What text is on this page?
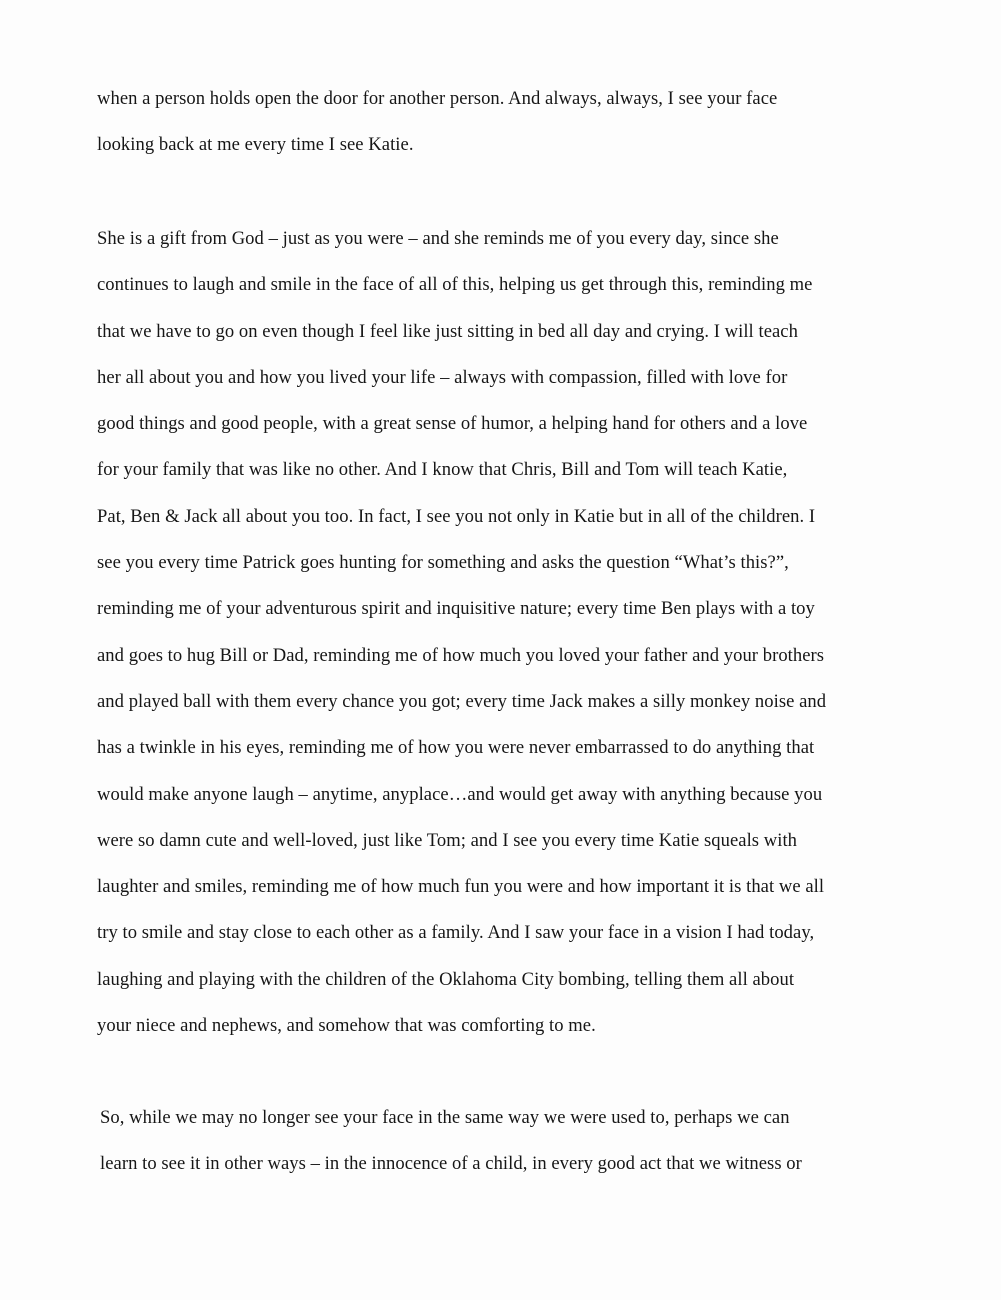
when a person holds open the door for another person. And always, always, I see your face
looking back at me every time I see Katie.
She is a gift from God – just as you were – and she reminds me of you every day, since she
continues to laugh and smile in the face of all of this, helping us get through this, reminding me
that we have to go on even though I feel like just sitting in bed all day and crying. I will teach
her all about you and how you lived your life – always with compassion, filled with love for
good things and good people, with a great sense of humor, a helping hand for others and a love
for your family that was like no other. And I know that Chris, Bill and Tom will teach Katie,
Pat, Ben & Jack all about you too. In fact, I see you not only in Katie but in all of the children. I
see you every time Patrick goes hunting for something and asks the question “What’s this?”,
reminding me of your adventurous spirit and inquisitive nature; every time Ben plays with a toy
and goes to hug Bill or Dad, reminding me of how much you loved your father and your brothers
and played ball with them every chance you got; every time Jack makes a silly monkey noise and
has a twinkle in his eyes, reminding me of how you were never embarrassed to do anything that
would make anyone laugh – anytime, anyplace…and would get away with anything because you
were so damn cute and well-loved, just like Tom; and I see you every time Katie squeals with
laughter and smiles, reminding me of how much fun you were and how important it is that we all
try to smile and stay close to each other as a family. And I saw your face in a vision I had today,
laughing and playing with the children of the Oklahoma City bombing, telling them all about
your niece and nephews, and somehow that was comforting to me.
So, while we may no longer see your face in the same way we were used to, perhaps we can
learn to see it in other ways – in the innocence of a child, in every good act that we witness or
